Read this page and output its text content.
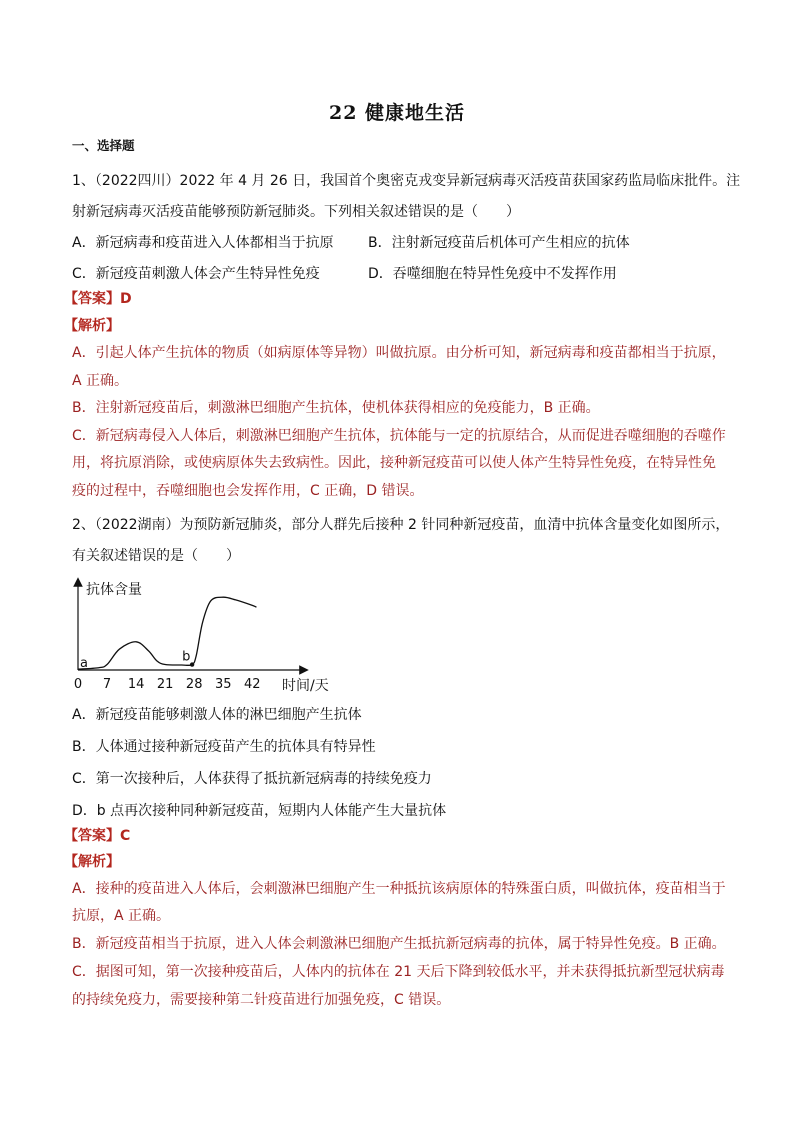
22 健康地生活
一、选择题
1、（2022四川）2022 年 4 月 26 日，我国首个奥密克戎变异新冠病毒灭活疫苗获国家药监局临床批件。注
射新冠病毒灭活疫苗能够预防新冠肺炎。下列相关叙述错误的是（　　）
A．新冠病毒和疫苗进入人体都相当于抗原 B．注射新冠疫苗后机体可产生相应的抗体
C．新冠疫苗刺激人体会产生特异性免疫	D．吞噬细胞在特异性免疫中不发挥作用
【答案】D
【解析】
A．引起人体产生抗体的物质（如病原体等异物）叫做抗原。由分析可知，新冠病毒和疫苗都相当于抗原，
A 正确。
B．注射新冠疫苗后，刺激淋巴细胞产生抗体，使机体获得相应的免疫能力，B 正确。
C．新冠病毒侵入人体后，刺激淋巴细胞产生抗体，抗体能与一定的抗原结合，从而促进吞噬细胞的吞噬作
用，将抗原消除，或使病原体失去致病性。因此，接种新冠疫苗可以使人体产生特异性免疫，在特异性免
疫的过程中，吞噬细胞也会发挥作用，C 正确，D 错误。
2、（2022湖南）为预防新冠肺炎，部分人群先后接种 2 针同种新冠疫苗，血清中抗体含量变化如图所示，
有关叙述错误的是（　　）
抗体含量
时间/天
0 7 14 21 28 35 42
a	b
A．新冠疫苗能够刺激人体的淋巴细胞产生抗体
B．人体通过接种新冠疫苗产生的抗体具有特异性
C．第一次接种后，人体获得了抵抗新冠病毒的持续免疫力
D．b 点再次接种同种新冠疫苗，短期内人体能产生大量抗体
【答案】C
【解析】
A．接种的疫苗进入人体后，会刺激淋巴细胞产生一种抵抗该病原体的特殊蛋白质，叫做抗体，疫苗相当于
抗原，A 正确。
B．新冠疫苗相当于抗原，进入人体会刺激淋巴细胞产生抵抗新冠病毒的抗体，属于特异性免疫。B 正确。
C．据图可知，第一次接种疫苗后，人体内的抗体在 21 天后下降到较低水平，并未获得抵抗新型冠状病毒
的持续免疫力，需要接种第二针疫苗进行加强免疫，C 错误。
